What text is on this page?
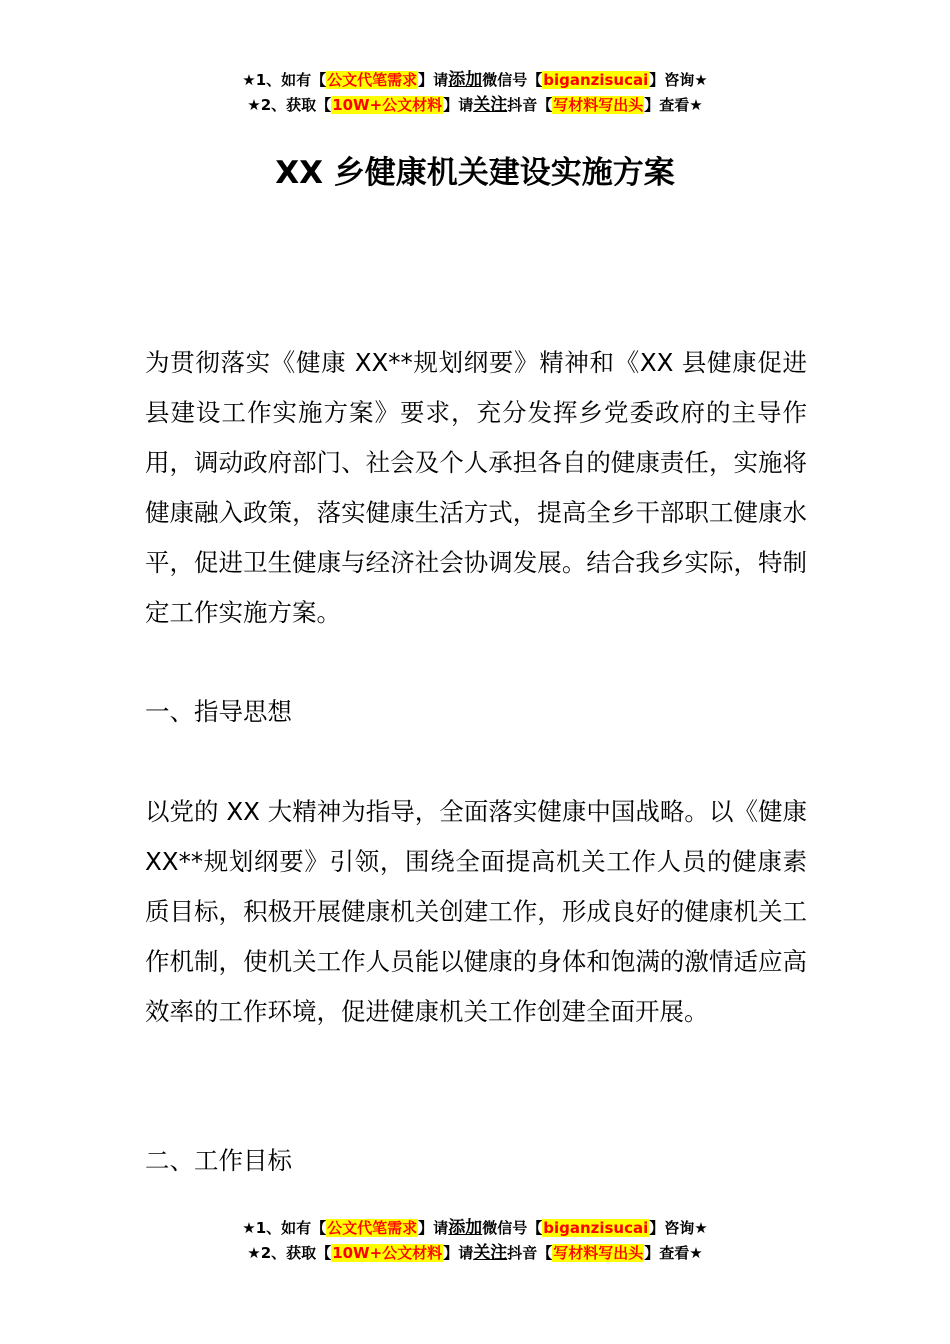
★1、如有【公文代笔需求】请添加微信号【biganzisucai】咨询★
★2、获取【10W+公文材料】请关注抖音【写材料写出头】查看★
XX 乡健康机关建设实施方案
为贯彻落实《健康 XX**规划纲要》精神和《XX 县健康促进县建设工作实施方案》要求，充分发挥乡党委政府的主导作用，调动政府部门、社会及个人承担各自的健康责任，实施将健康融入政策，落实健康生活方式，提高全乡干部职工健康水平，促进卫生健康与经济社会协调发展。结合我乡实际，特制定工作实施方案。
一、指导思想
以党的 XX 大精神为指导，全面落实健康中国战略。以《健康 XX**规划纲要》引领，围绕全面提高机关工作人员的健康素质目标，积极开展健康机关创建工作，形成良好的健康机关工作机制，使机关工作人员能以健康的身体和饱满的激情适应高效率的工作环境，促进健康机关工作创建全面开展。
二、工作目标
★1、如有【公文代笔需求】请添加微信号【biganzisucai】咨询★
★2、获取【10W+公文材料】请关注抖音【写材料写出头】查看★
